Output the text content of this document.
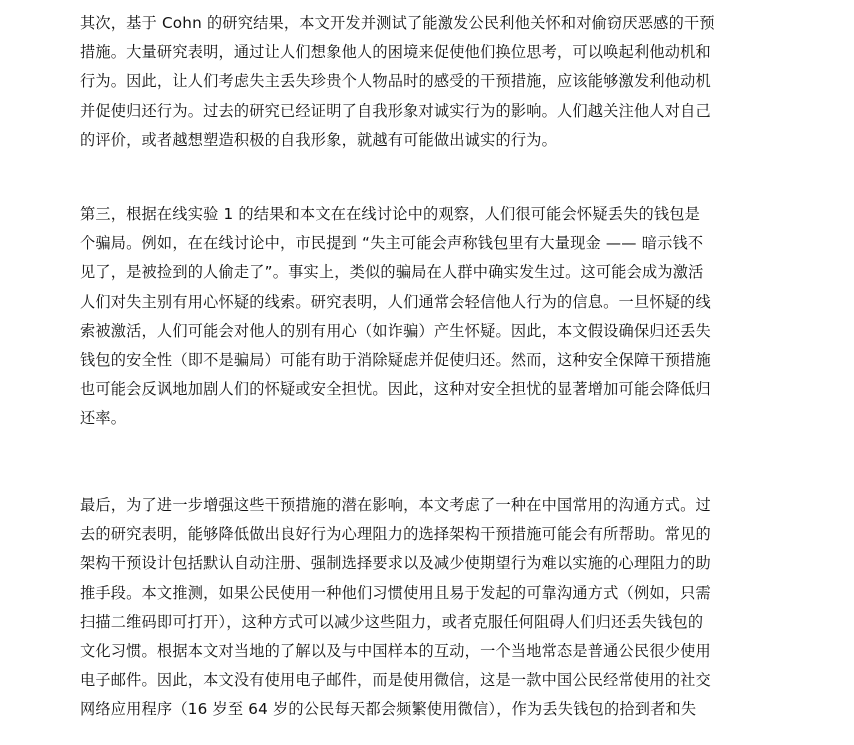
其次，基于 Cohn 的研究结果，本文开发并测试了能激发公民利他关怀和对偷窃厌恶感的干预
措施。大量研究表明，通过让人们想象他人的困境来促使他们换位思考，可以唤起利他动机和
行为。因此，让人们考虑失主丢失珍贵个人物品时的感受的干预措施，应该能够激发利他动机
并促使归还行为。过去的研究已经证明了自我形象对诚实行为的影响。人们越关注他人对自己
的评价，或者越想塑造积极的自我形象，就越有可能做出诚实的行为。

第三，根据在线实验 1 的结果和本文在在线讨论中的观察，人们很可能会怀疑丢失的钱包是
个骗局。例如，在在线讨论中，市民提到 “失主可能会声称钱包里有大量现金 —— 暗示钱不
见了，是被捡到的人偷走了”。事实上，类似的骗局在人群中确实发生过。这可能会成为激活
人们对失主别有用心怀疑的线索。研究表明，人们通常会轻信他人行为的信息。一旦怀疑的线
索被激活，人们可能会对他人的别有用心（如诈骗）产生怀疑。因此，本文假设确保归还丢失
钱包的安全性（即不是骗局）可能有助于消除疑虑并促使归还。然而，这种安全保障干预措施
也可能会反讽地加剧人们的怀疑或安全担忧。因此，这种对安全担忧的显著增加可能会降低归
还率。

最后，为了进一步增强这些干预措施的潜在影响，本文考虑了一种在中国常用的沟通方式。过
去的研究表明，能够降低做出良好行为心理阻力的选择架构干预措施可能会有所帮助。常见的
架构干预设计包括默认自动注册、强制选择要求以及减少使期望行为难以实施的心理阻力的助
推手段。本文推测，如果公民使用一种他们习惯使用且易于发起的可靠沟通方式（例如，只需
扫描二维码即可打开），这种方式可以减少这些阻力，或者克服任何阻碍人们归还丢失钱包的
文化习惯。根据本文对当地的了解以及与中国样本的互动，一个当地常态是普通公民很少使用
电子邮件。因此，本文没有使用电子邮件，而是使用微信，这是一款中国公民经常使用的社交
网络应用程序（16 岁至 64 岁的公民每天都会频繁使用微信），作为丢失钱包的拾到者和失
